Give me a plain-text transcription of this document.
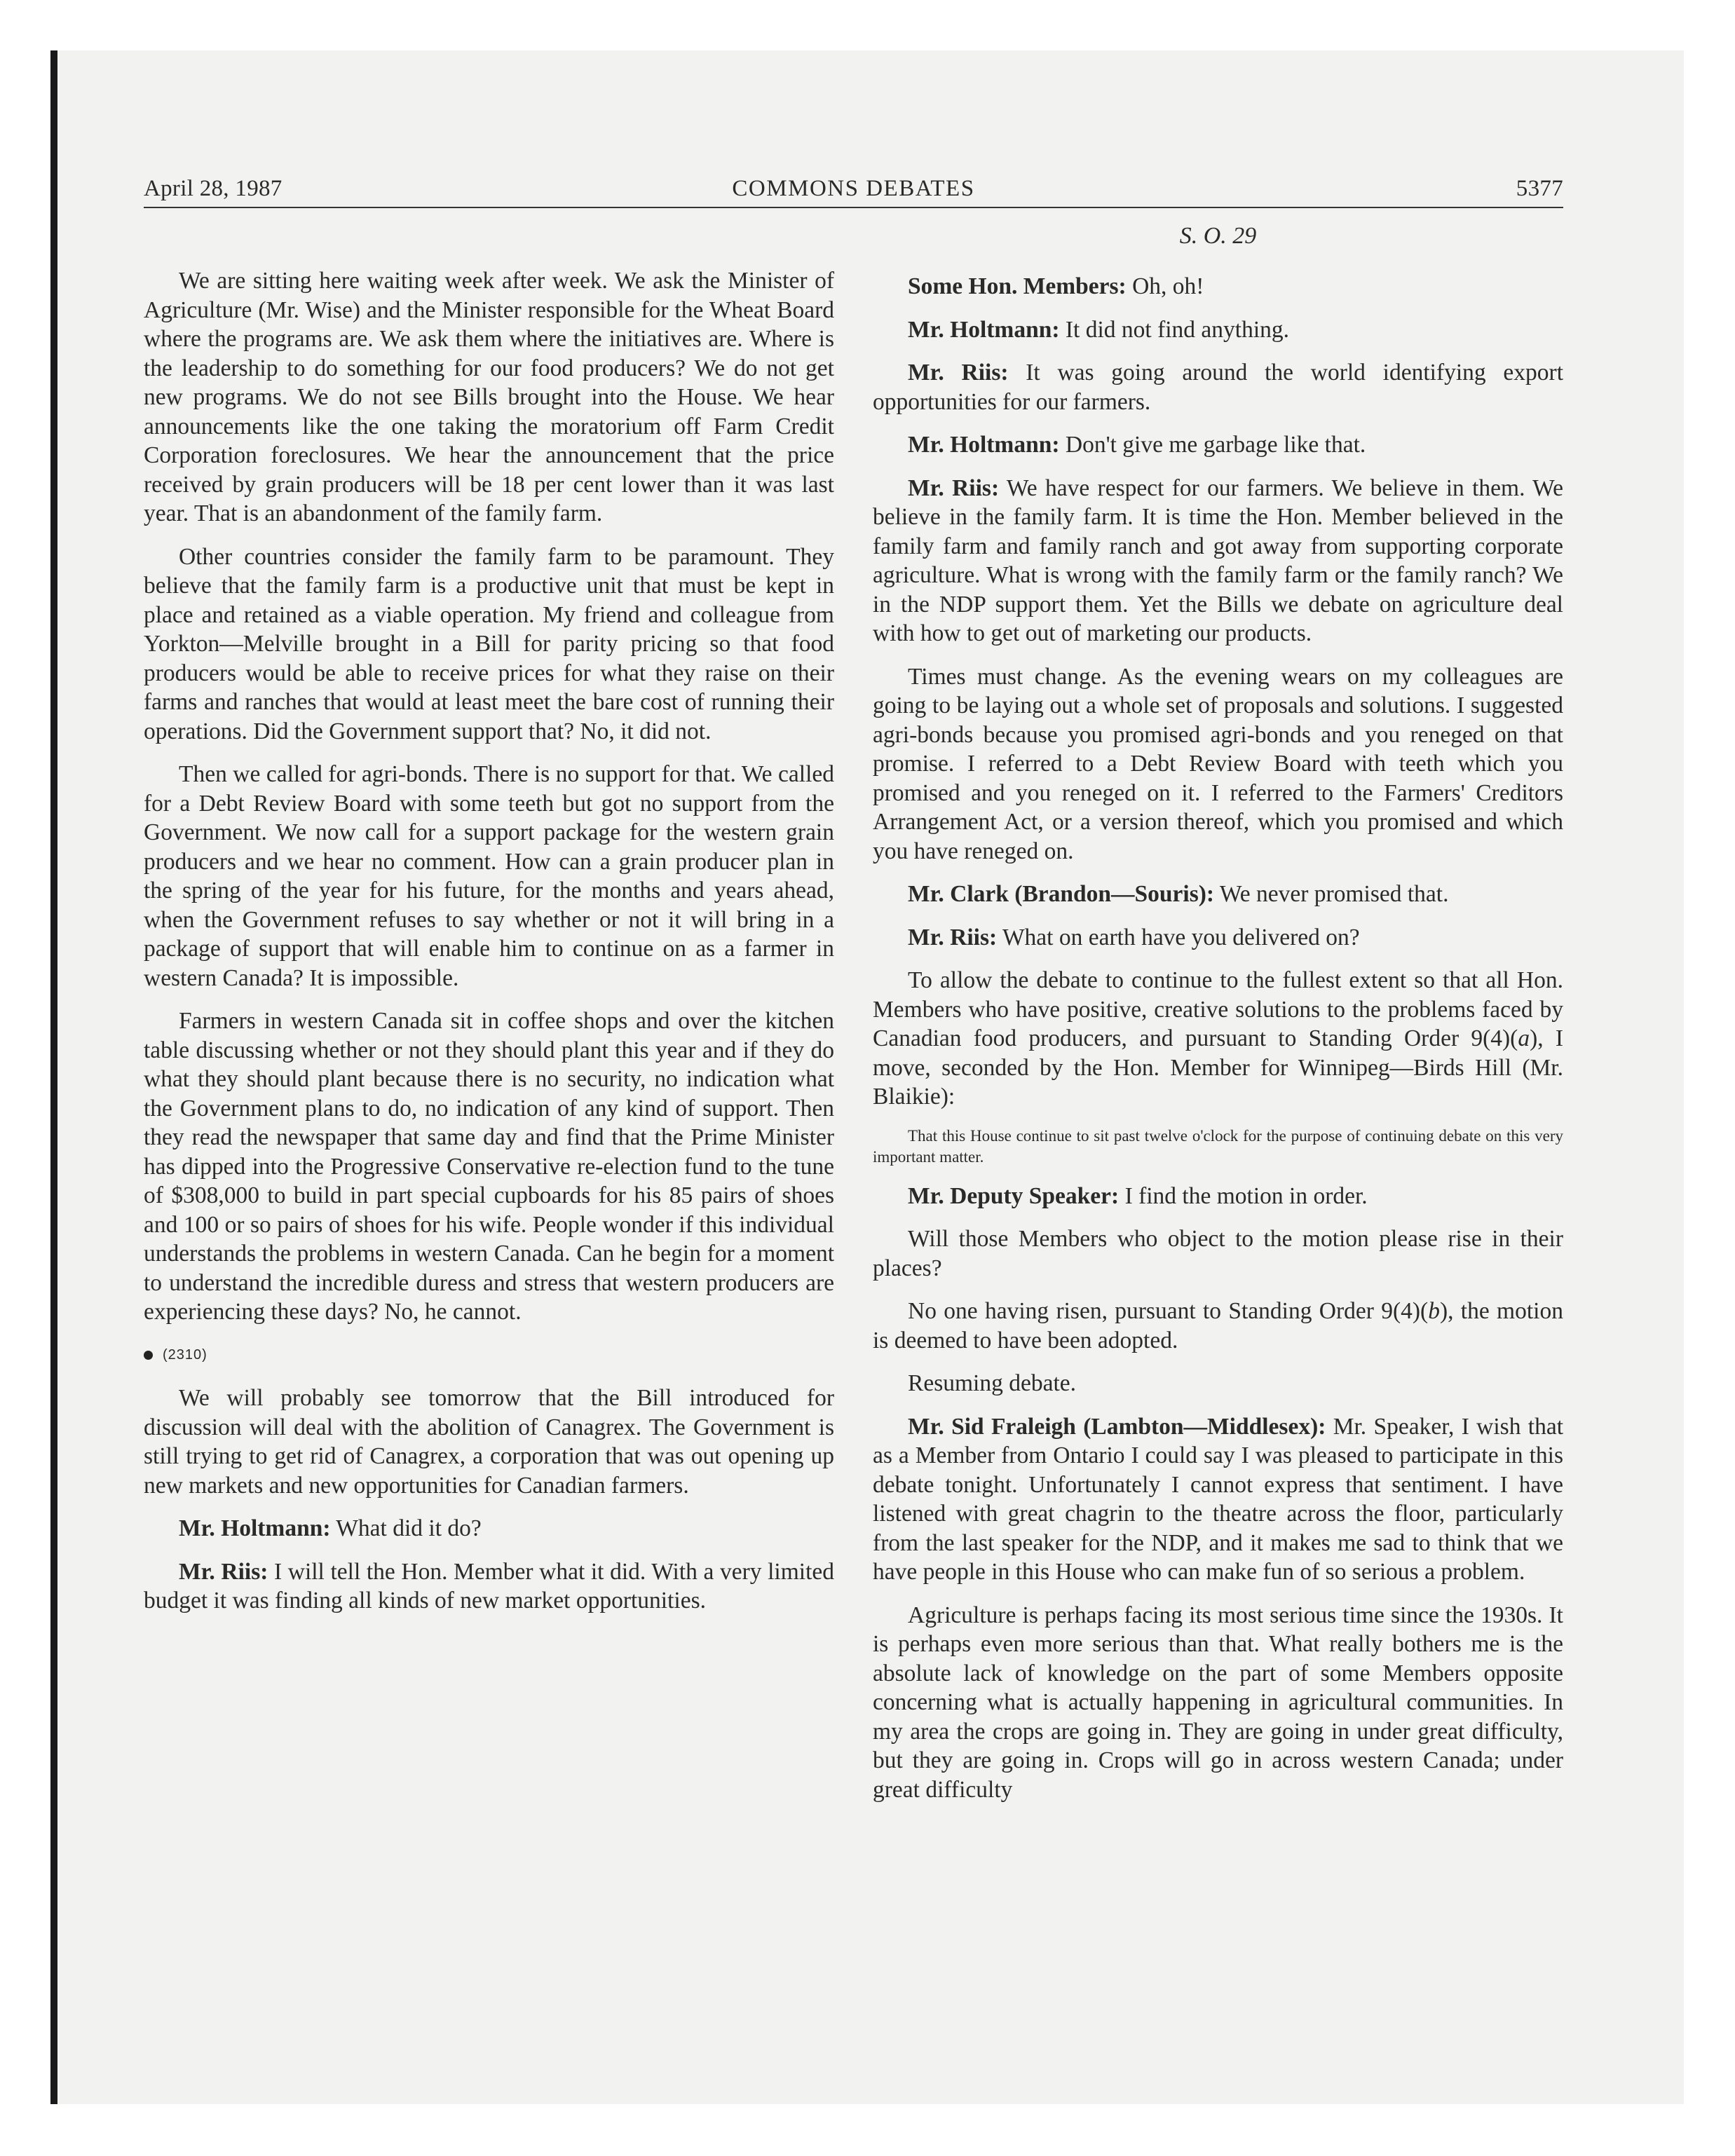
April 28, 1987	COMMONS DEBATES	5377
S. O. 29

We are sitting here waiting week after week. We ask the Minister of Agriculture (Mr. Wise) and the Minister responsible for the Wheat Board where the programs are. We ask them where the initiatives are. Where is the leadership to do something for our food producers? We do not get new programs. We do not see Bills brought into the House. We hear announcements like the one taking the moratorium off Farm Credit Corporation foreclosures. We hear the announcement that the price received by grain producers will be 18 per cent lower than it was last year. That is an abandonment of the family farm.

Other countries consider the family farm to be paramount. They believe that the family farm is a productive unit that must be kept in place and retained as a viable operation. My friend and colleague from Yorkton—Melville brought in a Bill for parity pricing so that food producers would be able to receive prices for what they raise on their farms and ranches that would at least meet the bare cost of running their operations. Did the Government support that? No, it did not.

Then we called for agri-bonds. There is no support for that. We called for a Debt Review Board with some teeth but got no support from the Government. We now call for a support package for the western grain producers and we hear no comment. How can a grain producer plan in the spring of the year for his future, for the months and years ahead, when the Government refuses to say whether or not it will bring in a package of support that will enable him to continue on as a farmer in western Canada? It is impossible.

Farmers in western Canada sit in coffee shops and over the kitchen table discussing whether or not they should plant this year and if they do what they should plant because there is no security, no indication what the Government plans to do, no indication of any kind of support. Then they read the newspaper that same day and find that the Prime Minister has dipped into the Progressive Conservative re-election fund to the tune of $308,000 to build in part special cupboards for his 85 pairs of shoes and 100 or so pairs of shoes for his wife. People wonder if this individual understands the problems in western Canada. Can he begin for a moment to understand the incredible duress and stress that western producers are experiencing these days? No, he cannot.

(2310)

We will probably see tomorrow that the Bill introduced for discussion will deal with the abolition of Canagrex. The Government is still trying to get rid of Canagrex, a corporation that was out opening up new markets and new opportunities for Canadian farmers.

Mr. Holtmann: What did it do?

Mr. Riis: I will tell the Hon. Member what it did. With a very limited budget it was finding all kinds of new market opportunities.

Some Hon. Members: Oh, oh!

Mr. Holtmann: It did not find anything.

Mr. Riis: It was going around the world identifying export opportunities for our farmers.

Mr. Holtmann: Don't give me garbage like that.

Mr. Riis: We have respect for our farmers. We believe in them. We believe in the family farm. It is time the Hon. Member believed in the family farm and family ranch and got away from supporting corporate agriculture. What is wrong with the family farm or the family ranch? We in the NDP support them. Yet the Bills we debate on agriculture deal with how to get out of marketing our products.

Times must change. As the evening wears on my colleagues are going to be laying out a whole set of proposals and solutions. I suggested agri-bonds because you promised agri-bonds and you reneged on that promise. I referred to a Debt Review Board with teeth which you promised and you reneged on it. I referred to the Farmers' Creditors Arrangement Act, or a version thereof, which you promised and which you have reneged on.

Mr. Clark (Brandon—Souris): We never promised that.

Mr. Riis: What on earth have you delivered on?

To allow the debate to continue to the fullest extent so that all Hon. Members who have positive, creative solutions to the problems faced by Canadian food producers, and pursuant to Standing Order 9(4)(a), I move, seconded by the Hon. Member for Winnipeg—Birds Hill (Mr. Blaikie):

That this House continue to sit past twelve o'clock for the purpose of continuing debate on this very important matter.

Mr. Deputy Speaker: I find the motion in order.

Will those Members who object to the motion please rise in their places?

No one having risen, pursuant to Standing Order 9(4)(b), the motion is deemed to have been adopted.

Resuming debate.

Mr. Sid Fraleigh (Lambton—Middlesex): Mr. Speaker, I wish that as a Member from Ontario I could say I was pleased to participate in this debate tonight. Unfortunately I cannot express that sentiment. I have listened with great chagrin to the theatre across the floor, particularly from the last speaker for the NDP, and it makes me sad to think that we have people in this House who can make fun of so serious a problem.

Agriculture is perhaps facing its most serious time since the 1930s. It is perhaps even more serious than that. What really bothers me is the absolute lack of knowledge on the part of some Members opposite concerning what is actually happening in agricultural communities. In my area the crops are going in. They are going in under great difficulty, but they are going in. Crops will go in across western Canada; under great difficulty
